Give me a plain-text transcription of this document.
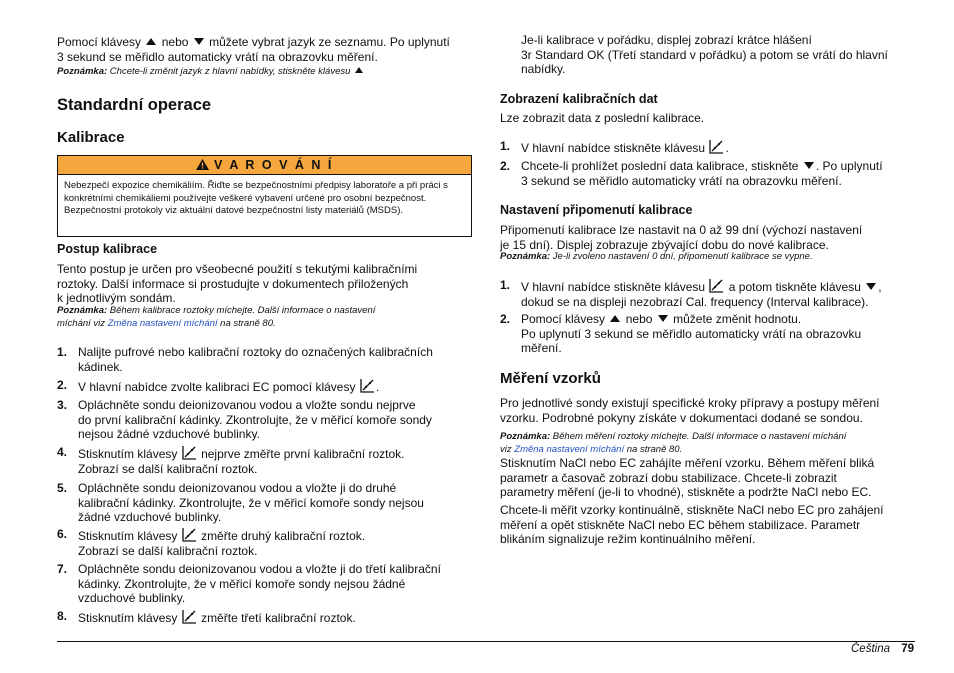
Pomocí klávesy nebo můžete vybrat jazyk ze seznamu. Po uplynutí
3 sekund se měřidlo automaticky vrátí na obrazovku měření.

Poznámka: Chcete-li změnit jazyk z hlavní nabídky, stiskněte klávesu

Standardní operace
Kalibrace
V A R O V Á N Í
Nebezpečí expozice chemikáliím. Řiďte se bezpečnostními předpisy laboratoře a při práci s konkrétními chemikáliemi používejte veškeré vybavení určené pro osobní bezpečnost. Bezpečnostní protokoly viz aktuální datové bezpečnostní listy materiálů (MSDS).
Postup kalibrace

Tento postup je určen pro všeobecné použití s tekutými kalibračními
roztoky. Další informace si prostudujte v dokumentech přiložených
k jednotlivým sondám.

Poznámka: Během kalibrace roztoky míchejte. Další informace o nastavení
míchání viz Změna nastavení míchání na straně 80.

1. Nalijte pufrové nebo kalibrační roztoky do označených kalibračních
kádinek.
2. V hlavní nabídce zvolte kalibraci EC pomocí klávesy .
3. Opláchněte sondu deionizovanou vodou a vložte sondu nejprve
do první kalibrační kádinky. Zkontrolujte, že v měřicí komoře sondy
nejsou žádné vzduchové bublinky.
4. Stisknutím klávesy nejprve změřte první kalibrační roztok.
Zobrazí se další kalibrační roztok.
5. Opláchněte sondu deionizovanou vodou a vložte ji do druhé
kalibrační kádinky. Zkontrolujte, že v měřicí komoře sondy nejsou
žádné vzduchové bublinky.
6. Stisknutím klávesy změřte druhý kalibrační roztok.
Zobrazí se další kalibrační roztok.
7. Opláchněte sondu deionizovanou vodou a vložte ji do třetí kalibrační
kádinky. Zkontrolujte, že v měřicí komoře sondy nejsou žádné
vzduchové bublinky.
8. Stisknutím klávesy změřte třetí kalibrační roztok.

Je-li kalibrace v pořádku, displej zobrazí krátce hlášení
3r Standard OK (Třetí standard v pořádku) a potom se vrátí do hlavní
nabídky.

Zobrazení kalibračních dat

Lze zobrazit data z poslední kalibrace.

1. V hlavní nabídce stiskněte klávesu .
2. Chcete-li prohlížet poslední data kalibrace, stiskněte . Po uplynutí
3 sekund se měřidlo automaticky vrátí na obrazovku měření.
Nastavení připomenutí kalibrace

Připomenutí kalibrace lze nastavit na 0 až 99 dní (výchozí nastavení
je 15 dní). Displej zobrazuje zbývající dobu do nové kalibrace.

Poznámka: Je-li zvoleno nastavení 0 dní, připomenutí kalibrace se vypne.

1. V hlavní nabídce stiskněte klávesu a potom tiskněte klávesu ,
dokud se na displeji nezobrazí Cal. frequency (Interval kalibrace).
2. Pomocí klávesy nebo můžete změnit hodnotu.
Po uplynutí 3 sekund se měřidlo automaticky vrátí na obrazovku
měření.
Měření vzorků

Pro jednotlivé sondy existují specifické kroky přípravy a postupy měření
vzorku. Podrobné pokyny získáte v dokumentaci dodané se sondou.

Poznámka: Během měření roztoky míchejte. Další informace o nastavení míchání
viz Změna nastavení míchání na straně 80.

Stisknutím NaCl nebo EC zahájíte měření vzorku. Během měření bliká
parametr a časovač zobrazí dobu stabilizace. Chcete-li zobrazit
parametry měření (je-li to vhodné), stiskněte a podržte NaCl nebo EC.

Chcete-li měřit vzorky kontinuálně, stiskněte NaCl nebo EC pro zahájení
měření a opět stiskněte NaCl nebo EC během stabilizace. Parametr
blikáním signalizuje režim kontinuálního měření.

Čeština 79
